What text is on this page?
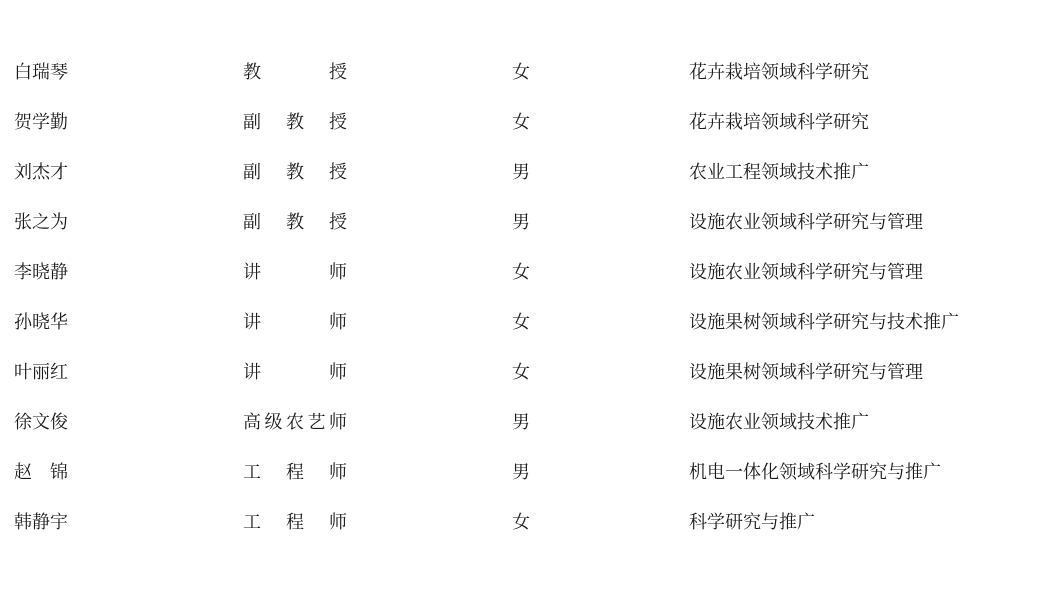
白瑞琴	教授	女	花卉栽培领域科学研究
贺学勤	副教授	女	花卉栽培领域科学研究
刘杰才	副教授	男	农业工程领域技术推广
张之为	副教授	男	设施农业领域科学研究与管理
李晓静	讲师	女	设施农业领域科学研究与管理
孙晓华	讲师	女	设施果树领域科学研究与技术推广
叶丽红	讲师	女	设施果树领域科学研究与管理
徐文俊	高级农艺师	男	设施农业领域技术推广
赵　锦	工程师	男	机电一体化领域科学研究与推广
韩静宇	工程师	女	科学研究与推广
